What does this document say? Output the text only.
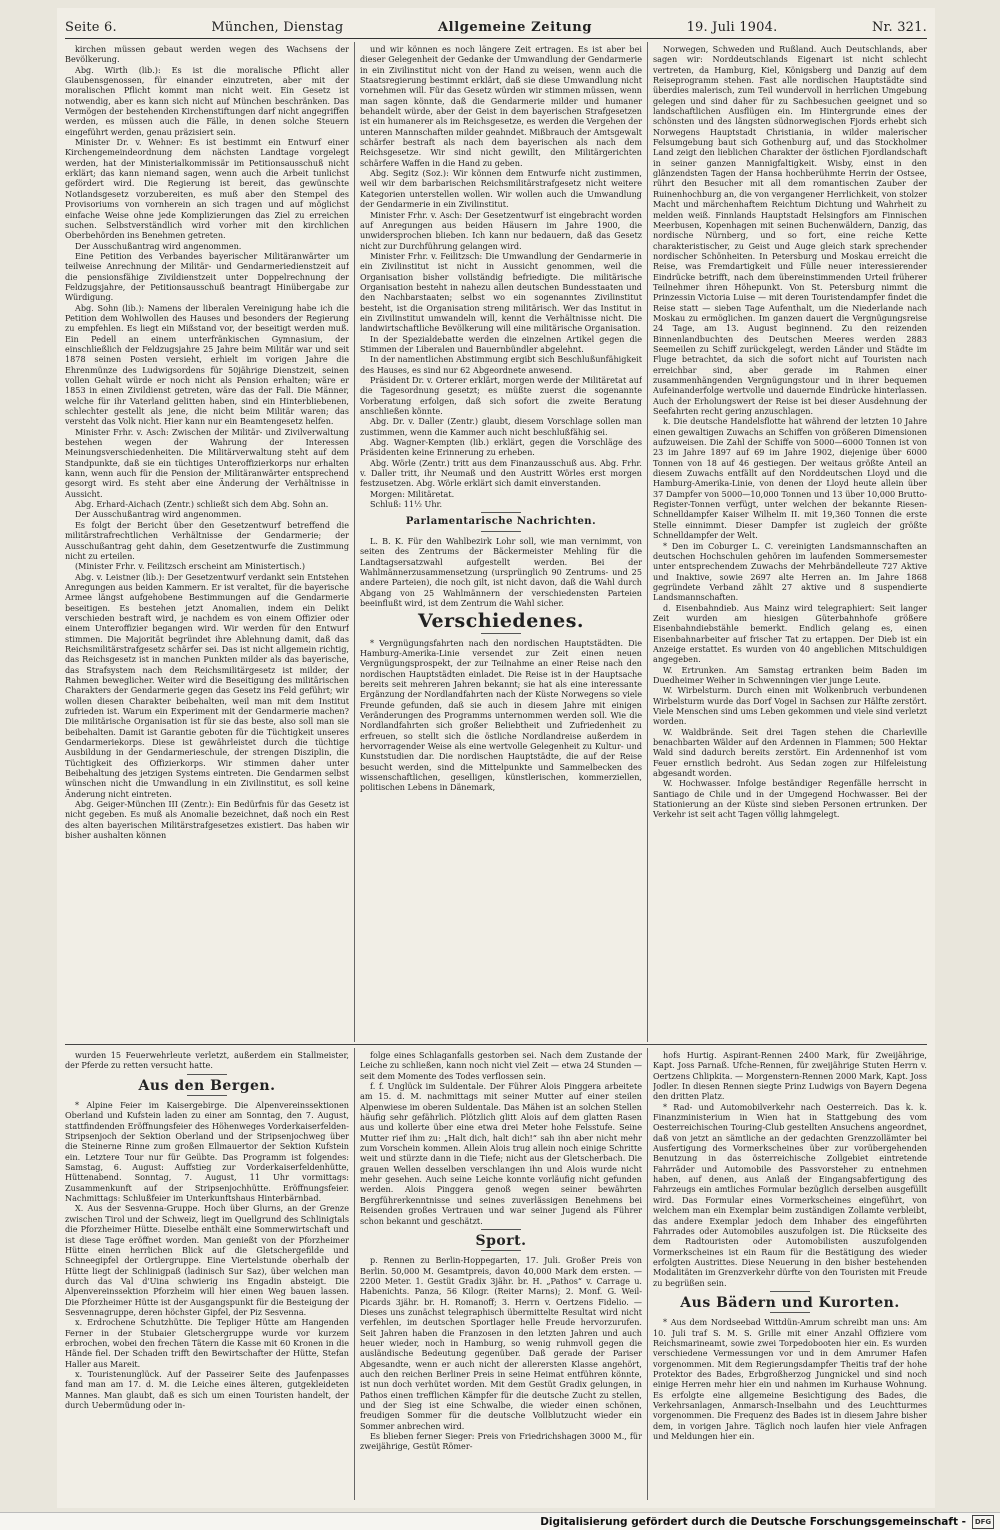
Seite 6.	München, Dienstag	Allgemeine Zeitung	19. Juli 1904.	Nr. 321.

kirchen müssen gebaut werden wegen des Wachsens der Bevölkerung.

Abg. Wirth (lib.): Es ist die moralische Pflicht aller Glaubensgenossen, für einander einzutreten, aber mit der moralischen Pflicht kommt man nicht weit. Ein Gesetz ist notwendig, aber es kann sich nicht auf München beschränken. Das Vermögen der bestehenden Kirchenstiftungen darf nicht angegriffen werden, es müssen auch die Fälle, in denen solche Steuern eingeführt werden, genau präzisiert sein.

Minister Dr. v. Wehner: Es ist bestimmt ein Entwurf einer Kirchengemeindeordnung dem nächsten Landtage vorgelegt werden, hat der Ministerialkommissär im Petitionsausschuß nicht erklärt; das kann niemand sagen, wenn auch die Arbeit tunlichst gefördert wird. Die Regierung ist bereit, das gewünschte Notlandsgesetz vorzubereiten, es muß aber den Stempel des Provisoriums von vornherein an sich tragen und auf möglichst einfache Weise ohne jede Komplizierungen das Ziel zu erreichen suchen. Selbstverständlich wird vorher mit den kirchlichen Oberbehörden ins Benehmen getreten.

Der Ausschußantrag wird angenommen.

Eine Petition des Verbandes bayerischer Militäranwärter um teilweise Anrechnung der Militär- und Gendarmeriedienstzeit auf die pensionsfähige Zivildienstzeit unter Doppelrechnung der Feldzugsjahre, der Petitionsausschuß beantragt Hinübergabe zur Würdigung.

Abg. Sohn (lib.): Namens der liberalen Vereinigung habe ich die Petition dem Wohlwollen des Hauses und besonders der Regierung zu empfehlen. Es liegt ein Mißstand vor, der beseitigt werden muß. Ein Pedell an einem unterfränkischen Gymnasium, der einschließlich der Feldzugsjahre 25 Jahre beim Militär war und seit 1878 seinen Posten versieht, erhielt im vorigen Jahre die Ehrenmünze des Ludwigsordens für 50jährige Dienstzeit, seinen vollen Gehalt würde er noch nicht als Pension erhalten; wäre er 1853 in einen Zivildienst getreten, wäre das der Fall. Die Männer, welche für ihr Vaterland gelitten haben, sind ein Hinterbliebenen, schlechter gestellt als jene, die nicht beim Militär waren; das versteht das Volk nicht. Hier kann nur ein Beamtengesetz helfen.

Minister Frhr. v. Asch: Zwischen der Militär- und Zivilverwaltung bestehen wegen der Wahrung der Interessen Meinungsverschiedenheiten. Die Militärverwaltung steht auf dem Standpunkte, daß sie ein tüchtiges Unteroffizierkorps nur erhalten kann, wenn auch für die Pension der Militäranwärter entsprechend gesorgt wird. Es steht aber eine Änderung der Verhältnisse in Aussicht.

Abg. Erhard-Aichach (Zentr.) schließt sich dem Abg. Sohn an.

Der Ausschußantrag wird angenommen.

Es folgt der Bericht über den Gesetzentwurf betreffend die militärstrafrechtlichen Verhältnisse der Gendarmerie; der Ausschußantrag geht dahin, dem Gesetzentwurfe die Zustimmung nicht zu erteilen.

(Minister Frhr. v. Feilitzsch erscheint am Ministertisch.)

Abg. v. Leistner (lib.): Der Gesetzentwurf verdankt sein Entstehen Anregungen aus beiden Kammern. Er ist veraltet, für die bayerische Armee längst aufgehobene Bestimmungen auf die Gendarmerie beseitigen. Es bestehen jetzt Anomalien, indem ein Delikt verschieden bestraft wird, je nachdem es von einem Offizier oder einem Unteroffizier begangen wird. Wir werden für den Entwurf stimmen. Die Majorität begründet ihre Ablehnung damit, daß das Reichsmilitärstrafgesetz schärfer sei. Das ist nicht allgemein richtig, das Reichsgesetz ist in manchen Punkten milder als das bayerische, das Strafsystem nach dem Reichsmilitärgesetz ist milder, der Rahmen beweglicher. Weiter wird die Beseitigung des militärischen Charakters der Gendarmerie gegen das Gesetz ins Feld geführt; wir wollen diesen Charakter beibehalten, weil man mit dem Institut zufrieden ist. Warum ein Experiment mit der Gendarmerie machen? Die militärische Organisation ist für sie das beste, also soll man sie beibehalten. Damit ist Garantie geboten für die Tüchtigkeit unseres Gendarmeriekorps. Diese ist gewährleistet durch die tüchtige Ausbildung in der Gendarmerieschule, der strengen Disziplin, die Tüchtigkeit des Offizierkorps. Wir stimmen daher unter Beibehaltung des jetzigen Systems eintreten. Die Gendarmen selbst wünschen nicht die Umwandlung in ein Zivilinstitut, es soll keine Änderung nicht eintreten.

Abg. Geiger-München III (Zentr.): Ein Bedürfnis für das Gesetz ist nicht gegeben. Es muß als Anomalie bezeichnet, daß noch ein Rest des alten bayerischen Militärstrafgesetzes existiert. Das haben wir bisher aushalten können

und wir können es noch längere Zeit ertragen. Es ist aber bei dieser Gelegenheit der Gedanke der Umwandlung der Gendarmerie in ein Zivilinstitut nicht von der Hand zu weisen, wenn auch die Staatsregierung bestimmt erklärt, daß sie diese Umwandlung nicht vornehmen will. Für das Gesetz würden wir stimmen müssen, wenn man sagen könnte, daß die Gendarmerie milder und humaner behandelt würde, aber der Geist in dem bayerischen Strafgesetzen ist ein humanerer als im Reichsgesetze, es werden die Vergehen der unteren Mannschaften milder geahndet. Mißbrauch der Amtsgewalt schärfer bestraft als nach dem bayerischen als nach dem Reichsgesetze. Wir sind nicht gewillt, den Militärgerichten schärfere Waffen in die Hand zu geben.

Abg. Segitz (Soz.): Wir können dem Entwurfe nicht zustimmen, weil wir dem barbarischen Reichsmilitärstrafgesetz nicht weitere Kategorien unterstellen wollen. Wir wollen auch die Umwandlung der Gendarmerie in ein Zivilinstitut.

Minister Frhr. v. Asch: Der Gesetzentwurf ist eingebracht worden auf Anregungen aus beiden Häusern im Jahre 1900, die unwidersprochen blieben. Ich kann nur bedauern, daß das Gesetz nicht zur Durchführung gelangen wird.

Minister Frhr. v. Feilitzsch: Die Umwandlung der Gendarmerie in ein Zivilinstitut ist nicht in Aussicht genommen, weil die Organisation bisher vollständig befriedigte. Die militärische Organisation besteht in nahezu allen deutschen Bundesstaaten und den Nachbarstaaten; selbst wo ein sogenanntes Zivilinstitut besteht, ist die Organisation streng militärisch. Wer das Institut in ein Zivilinstitut umwandeln will, kennt die Verhältnisse nicht. Die landwirtschaftliche Bevölkerung will eine militärische Organisation.

In der Spezialdebatte werden die einzelnen Artikel gegen die Stimmen der Liberalen und Bauernbündler abgelehnt.

In der namentlichen Abstimmung ergibt sich Beschlußunfähigkeit des Hauses, es sind nur 62 Abgeordnete anwesend.

Präsident Dr. v. Orterer erklärt, morgen werde der Militäretat auf die Tagesordnung gesetzt; es müßte zuerst die sogenannte Vorberatung erfolgen, daß sich sofort die zweite Beratung anschließen könnte.

Abg. Dr. v. Daller (Zentr.) glaubt, diesem Vorschlage sollen man zustimmen, wenn die Kammer auch nicht beschlußfähig sei.

Abg. Wagner-Kempten (lib.) erklärt, gegen die Vorschläge des Präsidenten keine Erinnerung zu erheben.

Abg. Wörle (Zentr.) tritt aus dem Finanzausschuß aus. Abg. Frhr. v. Daller tritt, ihr Neumaß und den Austritt Wörles erst morgen festzusetzen. Abg. Wörle erklärt sich damit einverstanden.

Morgen: Militäretat.

Schluß: 11½ Uhr.

Parlamentarische Nachrichten.

L. B. K. Für den Wahlbezirk Lohr soll, wie man vernimmt, von seiten des Zentrums der Bäckermeister Mehling für die Landtagsersatzwahl aufgestellt werden. Bei der Wahlmännerzusammensetzung (ursprünglich 90 Zentrums- und 25 andere Parteien), die noch gilt, ist nicht davon, daß die Wahl durch Abgang von 25 Wahlmännern der verschiedensten Parteien beeinflußt wird, ist dem Zentrum die Wahl sicher.

Verschiedenes.

* Vergnügungsfahrten nach den nordischen Hauptstädten. Die Hamburg-Amerika-Linie versendet zur Zeit einen neuen Vergnügungsprospekt, der zur Teilnahme an einer Reise nach den nordischen Hauptstädten einladet. Die Reise ist in der Hauptsache bereits seit mehreren Jahren bekannt; sie hat als eine interessante Ergänzung der Nordlandfahrten nach der Küste Norwegens so viele Freunde gefunden, daß sie auch in diesem Jahre mit einigen Veränderungen des Programms unternommen werden soll. Wie die Nordlandfahrten sich großer Beliebtheit und Zufriedenheit zu erfreuen, so stellt sich die östliche Nordlandreise außerdem in hervorragender Weise als eine wertvolle Gelegenheit zu Kultur- und Kunststudien dar. Die nordischen Hauptstädte, die auf der Reise besucht werden, sind die Mittelpunkte und Sammelbecken des wissenschaftlichen, geselligen, künstlerischen, kommerziellen, politischen Lebens in Dänemark,

Norwegen, Schweden und Rußland. Auch Deutschlands, aber sagen wir: Norddeutschlands Eigenart ist nicht schlecht vertreten, da Hamburg, Kiel, Königsberg und Danzig auf dem Reiseprogramm stehen. Fast alle nordischen Hauptstädte sind überdies malerisch, zum Teil wundervoll in herrlichen Umgebung gelegen und sind daher für zu Sachbesuchen geeignet und so landschaftlichen Ausflügen ein. Im Hintergrunde eines der schönsten und des längsten südnorwegischen Fjords erhebt sich Norwegens Hauptstadt Christiania, in wilder malerischer Felsumgebung baut sich Gothenburg auf, und das Stockholmer Land zeigt den lieblichen Charakter der östlichen Fjordlandschaft in seiner ganzen Mannigfaltigkeit. Wisby, einst in den glänzendsten Tagen der Hansa hochberühmte Herrin der Ostsee, rührt den Besucher mit all dem romantischen Zauber der Ruinenhochburg an, die von vergangener Herrlichkeit, von stolzer Macht und märchenhaftem Reichtum Dichtung und Wahrheit zu melden weiß. Finnlands Hauptstadt Helsingfors am Finnischen Meerbusen, Kopenhagen mit seinen Buchenwäldern, Danzig, das nordische Nürnberg, und so fort, eine reiche Kette charakteristischer, zu Geist und Auge gleich stark sprechender nordischer Schönheiten. In Petersburg und Moskau erreicht die Reise, was Fremdartigkeit und Fülle neuer interessierender Eindrücke betrifft, nach dem übereinstimmenden Urteil früherer Teilnehmer ihren Höhepunkt. Von St. Petersburg nimmt die Prinzessin Victoria Luise — mit deren Touristendampfer findet die Reise statt — sieben Tage Aufenthalt, um die Niederlande nach Moskau zu ermöglichen. Im ganzen dauert die Vergnügungsreise 24 Tage, am 13. August beginnend. Zu den reizenden Binnenlandbuchten des Deutschen Meeres werden 2883 Seemeilen zu Schiff zurückgelegt, werden Länder und Städte im Fluge betrachtet, da sich die sofort nicht auf Touristen nach erreichbar sind, aber gerade im Rahmen einer zusammenhängenden Vergnügungstour und in ihrer bequemen Aufeinanderfolge wertvolle und dauernde Eindrücke hinterlassen. Auch der Erholungswert der Reise ist bei dieser Ausdehnung der Seefahrten recht gering anzuschlagen.

k. Die deutsche Handelsflotte hat während der letzten 10 Jahre einen gewaltigen Zuwachs an Schiffen von größeren Dimensionen aufzuweisen. Die Zahl der Schiffe von 5000—6000 Tonnen ist von 23 im Jahre 1897 auf 69 im Jahre 1902, diejenige über 6000 Tonnen von 18 auf 46 gestiegen. Der weitaus größte Anteil an diesem Zuwachs entfällt auf den Norddeutschen Lloyd und die Hamburg-Amerika-Linie, von denen der Lloyd heute allein über 37 Dampfer von 5000—10,000 Tonnen und 13 über 10,000 Brutto-Register-Tonnen verfügt, unter welchen der bekannte Riesen-Schnelldampfer Kaiser Wilhelm II. mit 19,360 Tonnen die erste Stelle einnimmt. Dieser Dampfer ist zugleich der größte Schnelldampfer der Welt.

* Den im Coburger L. C. vereinigten Landsmannschaften an deutschen Hochschulen gehören im laufenden Sommersemester unter entsprechendem Zuwachs der Mehrbändelleute 727 Aktive und Inaktive, sowie 2697 alte Herren an. Im Jahre 1868 gegründete Verband zählt 27 aktive und 8 suspendierte Landsmannschaften.

d. Eisenbahndieb. Aus Mainz wird telegraphiert: Seit langer Zeit wurden am hiesigen Güterbahnhofe größere Eisenbahndiebstähle bemerkt. Endlich gelang es, einen Eisenbahnarbeiter auf frischer Tat zu ertappen. Der Dieb ist ein Anzeige erstattet. Es wurden von 40 angeblichen Mitschuldigen angegeben.

W. Ertrunken. Am Samstag ertranken beim Baden im Duedheimer Weiher in Schwenningen vier junge Leute.

W. Wirbelsturm. Durch einen mit Wolkenbruch verbundenen Wirbelsturm wurde das Dorf Vogel in Sachsen zur Hälfte zerstört. Viele Menschen sind ums Leben gekommen und viele sind verletzt worden.

W. Waldbrände. Seit drei Tagen stehen die Charleville benachbarten Wälder auf den Ardennen in Flammen; 500 Hektar Wald sind dadurch bereits zerstört. Ein Ardennenhof ist vom Feuer ernstlich bedroht. Aus Sedan zogen zur Hilfeleistung abgesandt worden.

W. Hochwasser. Infolge beständiger Regenfälle herrscht in Santiago de Chile und in der Umgegend Hochwasser. Bei der Stationierung an der Küste sind sieben Personen ertrunken. Der Verkehr ist seit acht Tagen völlig lahmgelegt.

wurden 15 Feuerwehrleute verletzt, außerdem ein Stallmeister, der Pferde zu retten versucht hatte.

Aus den Bergen.

* Alpine Feier im Kaisergebirge. Die Alpenvereinssektionen Oberland und Kufstein laden zu einer am Sonntag, den 7. August, stattfindenden Eröffnungsfeier des Höhenweges Vorderkaiserfelden-Stripsenjoch der Sektion Oberland und der Stripsenjochweg über die Steinerne Rinne zum großen Ellmauertor der Sektion Kufstein ein. Letztere Tour nur für Geübte. Das Programm ist folgendes: Samstag, 6. August: Auffstieg zur Vorderkaiserfeldenhütte, Hüttenabend. Sonntag, 7. August, 11 Uhr vormittags: Zusammenkunft auf der Stripsenjochhütte. Eröffnungsfeier. Nachmittags: Schlußfeier im Unterkunftshaus Hinterbärnbad.

X. Aus der Sesvenna-Gruppe. Hoch über Glurns, an der Grenze zwischen Tirol und der Schweiz, liegt im Quellgrund des Schlinigtals die Pforzheimer Hütte. Dieselbe enthält eine Sommerwirtschaft und ist diese Tage eröffnet worden. Man genießt von der Pforzheimer Hütte einen herrlichen Blick auf die Gletschergefilde und Schneegipfel der Ortlergruppe. Eine Viertelstunde oberhalb der Hütte liegt der Schlinigpaß (ladinisch Sur Saz), über welchen man durch das Val d'Uina schwierig ins Engadin absteigt. Die Alpenvereinssektion Pforzheim will hier einen Weg bauen lassen. Die Pforzheimer Hütte ist der Ausgangspunkt für die Besteigung der Sesvennagruppe, deren höchster Gipfel, der Piz Sesvenna.

x. Erdrochene Schutzhütte. Die Tepliger Hütte am Hangenden Ferner in der Stubaier Gletschergruppe wurde vor kurzem erbrochen, wobei den frechen Tätern die Kasse mit 60 Kronen in die Hände fiel. Der Schaden trifft den Bewirtschafter der Hütte, Stefan Haller aus Mareit.

x. Touristenunglück. Auf der Passeirer Seite des Jaufenpasses fand man am 17. d. M. die Leiche eines älteren, gutgekleideten Mannes. Man glaubt, daß es sich um einen Touristen handelt, der durch Uebermüdung oder in-

folge eines Schlaganfalls gestorben sei. Nach dem Zustande der Leiche zu schließen, kann noch nicht viel Zeit — etwa 24 Stunden — seit dem Momente des Todes verflossen sein.

f. f. Unglück im Suldentale. Der Führer Alois Pinggera arbeitete am 15. d. M. nachmittags mit seiner Mutter auf einer steilen Alpenwiese im oberen Suldentale. Das Mähen ist an solchen Stellen häufig sehr gefährlich. Plötzlich glitt Alois auf dem glatten Rasen aus und kollerte über eine etwa drei Meter hohe Felsstufe. Seine Mutter rief ihm zu: „Halt dich, halt dich!“ sah ihn aber nicht mehr zum Vorschein kommen. Allein Alois trug allein noch einige Schritte weit und stürzte dann in die Tiefe; nicht aus der Gletscherbach. Die grauen Wellen desselben verschlangen ihn und Alois wurde nicht mehr gesehen. Auch seine Leiche konnte vorläufig nicht gefunden werden. Alois Pinggera genoß wegen seiner bewährten Bergführerkenntnisse und seines zuverlässigen Benehmens bei Reisenden großes Vertrauen und war seiner Jugend als Führer schon bekannt und geschätzt.

Sport.

p. Rennen zu Berlin-Hoppegarten, 17. Juli. Großer Preis von Berlin. 50,000 M. Gesamtpreis, davon 40,000 Mark dem ersten. — 2200 Meter. 1. Gestüt Gradix 3jähr. br. H. „Pathos“ v. Carrage u. Habenichts. Panza, 56 Kilogr. (Reiter Marns); 2. Monf. G. Weil-Picards 3jähr. br. H. Romanoff; 3. Herrn v. Oertzens Fidelio. — Dieses uns zunächst telegraphisch übermittelte Resultat wird nicht verfehlen, im deutschen Sportlager helle Freude hervorzurufen. Seit Jahren haben die Franzosen in den letzten Jahren und auch heuer wieder, noch in Hamburg, so wenig ruhmvoll gegen die ausländische Bedeutung gegenüber. Daß gerade der Pariser Abgesandte, wenn er auch nicht der allerersten Klasse angehört, auch den reichen Berliner Preis in seine Heimat entführen könnte, ist nun doch verhütet worden. Mit dem Gestüt Gradix gelungen, in Pathos einen trefflichen Kämpfer für die deutsche Zucht zu stellen, und der Sieg ist eine Schwalbe, die wieder einen schönen, freudigen Sommer für die deutsche Vollblutzucht wieder ein Sommer anbrechen wird.

Es blieben ferner Sieger: Preis von Friedrichshagen 3000 M., für zweijährige, Gestüt Römer-

hofs Hurtig. Aspirant-Rennen 2400 Mark, für Zweijährige, Kapt. Joss Parnaß. Ufche-Rennen, für zweijährige Stuten Herrn v. Oertzens Chlipkita. — Morgenstern-Rennen 2000 Mark, Kapt. Joss Jodler. In diesen Rennen siegte Prinz Ludwigs von Bayern Degena den dritten Platz.

* Rad- und Automobilverkehr nach Oesterreich. Das k. k. Finanzministerium in Wien hat in Stattgebung des vom Oesterreichischen Touring-Club gestellten Ansuchens angeordnet, daß von jetzt an sämtliche an der gedachten Grenzzollämter bei Ausfertigung des Vormerkscheines über zur vorübergehenden Benutzung in das österreichische Zollgebiet eintretende Fahrräder und Automobile des Passvorsteher zu entnehmen haben, auf denen, aus Anlaß der Eingangsabfertigung des Fahrzeugs ein amtliches Formular bezüglich derselben ausgefüllt wird. Das Formular eines Vormerkscheines eingeführt, von welchem man ein Exemplar beim zuständigen Zollamte verbleibt, das andere Exemplar jedoch dem Inhaber des eingeführten Fahrrades oder Automobiles auszufolgen ist. Die Rückseite des dem Radtouristen oder Automobilisten auszufolgenden Vormerkscheines ist ein Raum für die Bestätigung des wieder erfolgten Austrittes. Diese Neuerung in den bisher bestehenden Modalitäten im Grenzverkehr dürfte von den Touristen mit Freude zu begrüßen sein.

Aus Bädern und Kurorten.

* Aus dem Nordseebad Wittdün-Amrum schreibt man uns: Am 10. Juli traf S. M. S. Grille mit einer Anzahl Offiziere vom Reichsmarineamt, sowie zwei Torpedobooten hier ein. Es wurden verschiedene Vermessungen vor und in dem Amrumer Hafen vorgenommen. Mit dem Regierungsdampfer Theitis traf der hohe Protektor des Bades, Erbgroßherzog Jungnickel und sind noch einige Herren mehr hier ein und nahmen im Kurhause Wohnung. Es erfolgte eine allgemeine Besichtigung des Bades, die Verkehrsanlagen, Anmarsch-Inselbahn und des Leuchtturmes vorgenommen. Die Frequenz des Bades ist in diesem Jahre bisher dem, in vorigen Jahre. Täglich noch laufen hier viele Anfragen und Meldungen hier ein.

Digitalisierung gefördert durch die Deutsche Forschungsgemeinschaft -	DFG
